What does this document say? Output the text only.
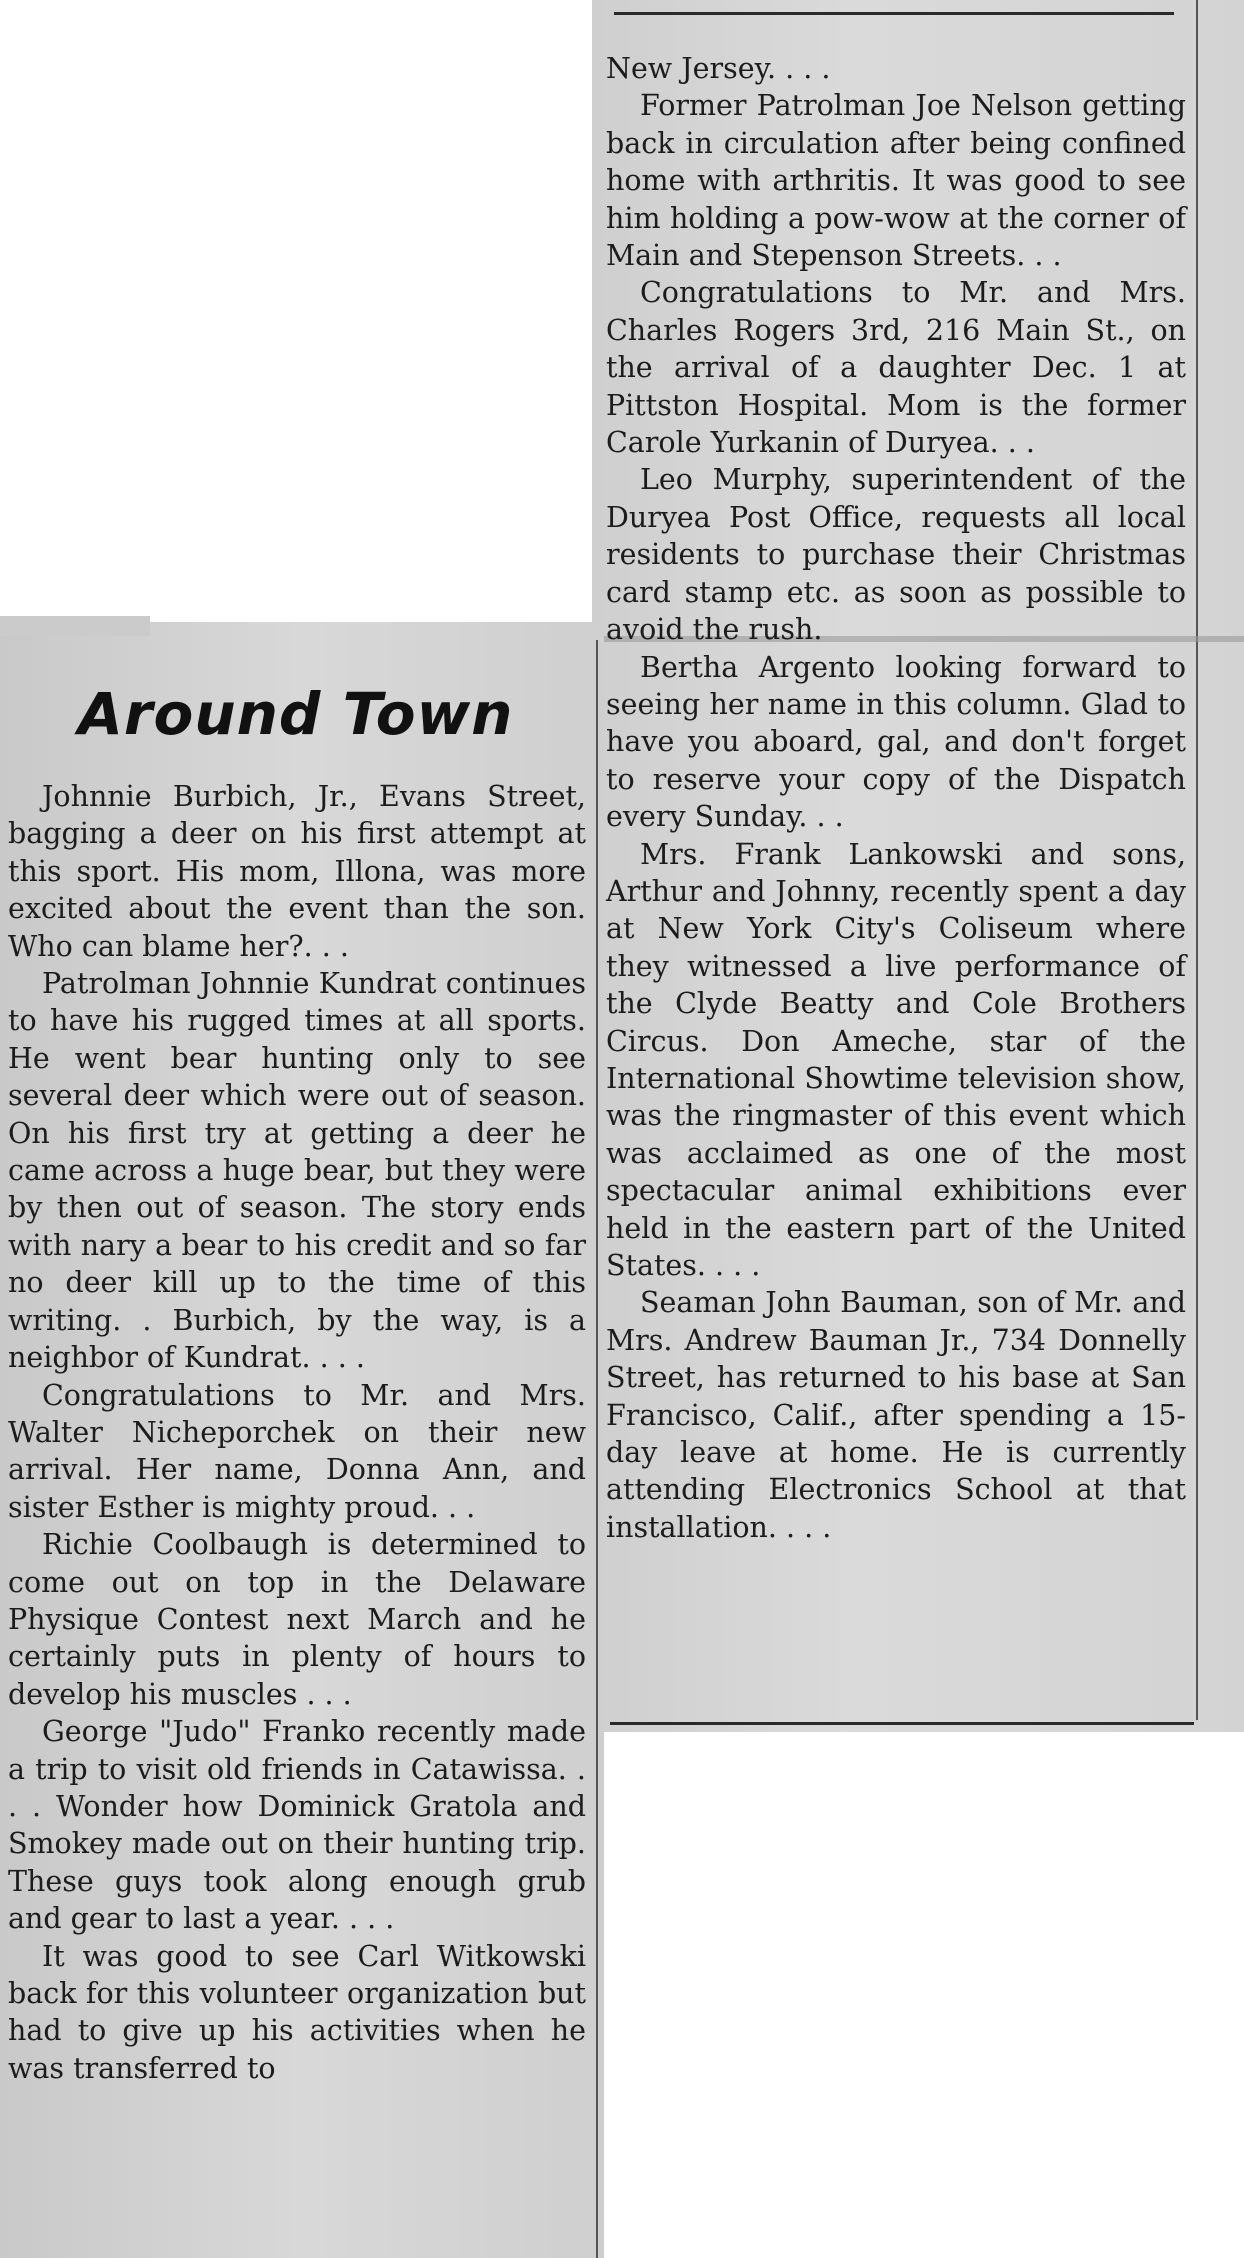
Around Town

New Jersey. . . .

Former Patrolman Joe Nelson getting back in circulation after being confined home with arthritis. It was good to see him holding a pow-wow at the corner of Main and Stepenson Streets. . .

Congratulations to Mr. and Mrs. Charles Rogers 3rd, 216 Main St., on the arrival of a daughter Dec. 1 at Pittston Hospital. Mom is the former Carole Yurkanin of Duryea. . .

Leo Murphy, superintendent of the Duryea Post Office, requests all local residents to purchase their Christmas card stamp etc. as soon as possible to avoid the rush.

Bertha Argento looking forward to seeing her name in this column. Glad to have you aboard, gal, and don't forget to reserve your copy of the Dispatch every Sunday. . .

Mrs. Frank Lankowski and sons, Arthur and Johnny, recently spent a day at New York City's Coliseum where they witnessed a live performance of the Clyde Beatty and Cole Brothers Circus. Don Ameche, star of the International Showtime television show, was the ringmaster of this event which was acclaimed as one of the most spectacular animal exhibitions ever held in the eastern part of the United States. . . .

Seaman John Bauman, son of Mr. and Mrs. Andrew Bauman Jr., 734 Donnelly Street, has returned to his base at San Francisco, Calif., after spending a 15-day leave at home. He is currently attending Electronics School at that installation. . . .

Johnnie Burbich, Jr., Evans Street, bagging a deer on his first attempt at this sport. His mom, Illona, was more excited about the event than the son. Who can blame her?. . .

Patrolman Johnnie Kundrat continues to have his rugged times at all sports. He went bear hunting only to see several deer which were out of season. On his first try at getting a deer he came across a huge bear, but they were by then out of season. The story ends with nary a bear to his credit and so far no deer kill up to the time of this writing. . Burbich, by the way, is a neighbor of Kundrat. . . .

Congratulations to Mr. and Mrs. Walter Nicheporchek on their new arrival. Her name, Donna Ann, and sister Esther is mighty proud. . .

Richie Coolbaugh is determined to come out on top in the Delaware Physique Contest next March and he certainly puts in plenty of hours to develop his muscles . . .

George "Judo" Franko recently made a trip to visit old friends in Catawissa. . . . Wonder how Dominick Gratola and Smokey made out on their hunting trip. These guys took along enough grub and gear to last a year. . . .

It was good to see Carl Witkowski back for this volunteer organization but had to give up his activities when he was transferred to
